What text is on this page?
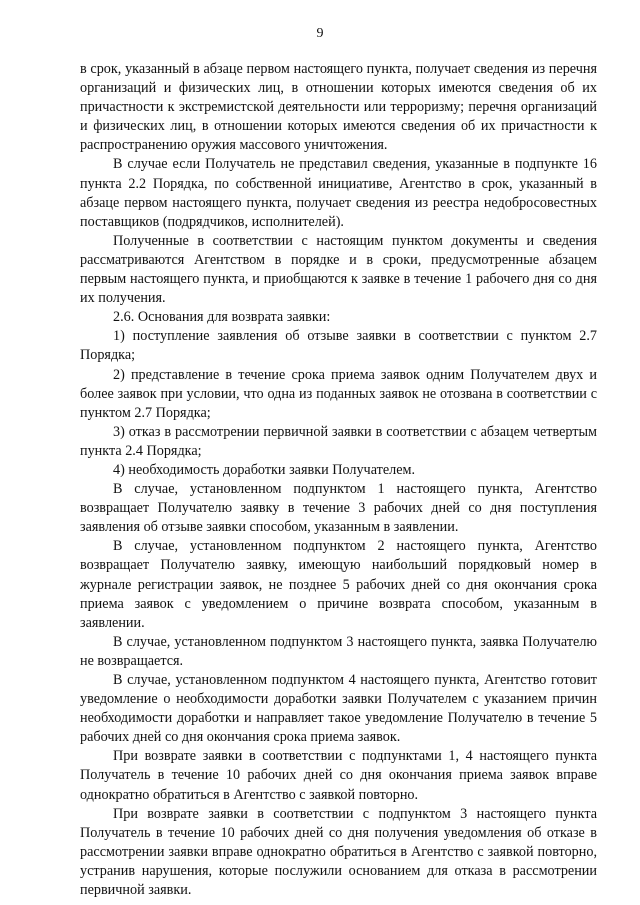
9

в срок, указанный в абзаце первом настоящего пункта, получает сведения из перечня организаций и физических лиц, в отношении которых имеются сведения об их причастности к экстремистской деятельности или терроризму; перечня организаций и физических лиц, в отношении которых имеются сведения об их причастности к распространению оружия массового уничтожения.

В случае если Получатель не представил сведения, указанные в подпункте 16 пункта 2.2 Порядка, по собственной инициативе, Агентство в срок, указанный в абзаце первом настоящего пункта, получает сведения из реестра недобросовестных поставщиков (подрядчиков, исполнителей).

Полученные в соответствии с настоящим пунктом документы и сведения рассматриваются Агентством в порядке и в сроки, предусмотренные абзацем первым настоящего пункта, и приобщаются к заявке в течение 1 рабочего дня со дня их получения.

2.6. Основания для возврата заявки:

1) поступление заявления об отзыве заявки в соответствии с пунктом 2.7 Порядка;

2) представление в течение срока приема заявок одним Получателем двух и более заявок при условии, что одна из поданных заявок не отозвана в соответствии с пунктом 2.7 Порядка;

3) отказ в рассмотрении первичной заявки в соответствии с абзацем четвертым пункта 2.4 Порядка;

4) необходимость доработки заявки Получателем.

В случае, установленном подпунктом 1 настоящего пункта, Агентство возвращает Получателю заявку в течение 3 рабочих дней со дня поступления заявления об отзыве заявки способом, указанным в заявлении.

В случае, установленном подпунктом 2 настоящего пункта, Агентство возвращает Получателю заявку, имеющую наибольший порядковый номер в журнале регистрации заявок, не позднее 5 рабочих дней со дня окончания срока приема заявок с уведомлением о причине возврата способом, указанным в заявлении.

В случае, установленном подпунктом 3 настоящего пункта, заявка Получателю не возвращается.

В случае, установленном подпунктом 4 настоящего пункта, Агентство готовит уведомление о необходимости доработки заявки Получателем с указанием причин необходимости доработки и направляет такое уведомление Получателю в течение 5 рабочих дней со дня окончания срока приема заявок.

При возврате заявки в соответствии с подпунктами 1, 4 настоящего пункта Получатель в течение 10 рабочих дней со дня окончания приема заявок вправе однократно обратиться в Агентство с заявкой повторно.

При возврате заявки в соответствии с подпунктом 3 настоящего пункта Получатель в течение 10 рабочих дней со дня получения уведомления об отказе в рассмотрении заявки вправе однократно обратиться в Агентство с заявкой повторно, устранив нарушения, которые послужили основанием для отказа в рассмотрении первичной заявки.
